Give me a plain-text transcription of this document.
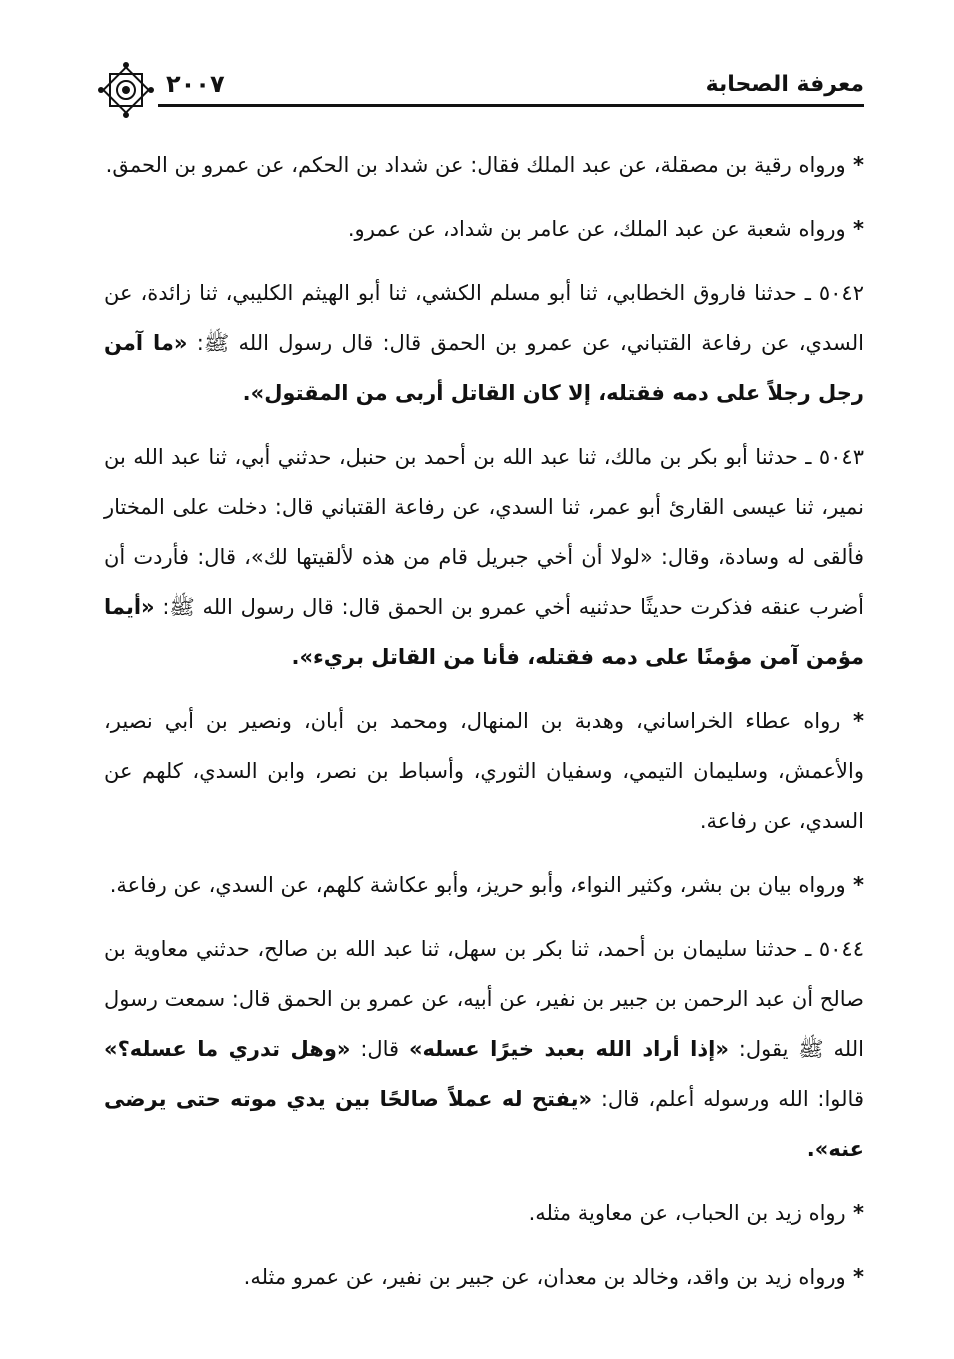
٢٠٠٧	معرفة الصحابة

* ورواه رقية بن مصقلة، عن عبد الملك فقال: عن شداد بن الحكم، عن عمرو بن الحمق.

* ورواه شعبة عن عبد الملك، عن عامر بن شداد، عن عمرو.

٥٠٤٢ ـ حدثنا فاروق الخطابي، ثنا أبو مسلم الكشي، ثنا أبو الهيثم الكليبي، ثنا زائدة، عن السدي، عن رفاعة القتباني، عن عمرو بن الحمق قال: قال رسول الله ﷺ: «ما آمن رجل رجلاً على دمه فقتله، إلا كان القاتل أربى من المقتول».

٥٠٤٣ ـ حدثنا أبو بكر بن مالك، ثنا عبد الله بن أحمد بن حنبل، حدثني أبي، ثنا عبد الله بن نمير، ثنا عيسى القارئ أبو عمر، ثنا السدي، عن رفاعة القتباني قال: دخلت على المختار فألقى له وسادة، وقال: «لولا أن أخي جبريل قام من هذه لألقيتها لك»، قال: فأردت أن أضرب عنقه فذكرت حديثًا حدثنيه أخي عمرو بن الحمق قال: قال رسول الله ﷺ: «أيما مؤمن آمن مؤمنًا على دمه فقتله، فأنا من القاتل بريء».

* رواه عطاء الخراساني، وهدبة بن المنهال، ومحمد بن أبان، ونصير بن أبي نصير، والأعمش، وسليمان التيمي، وسفيان الثوري، وأسباط بن نصر، وابن السدي، كلهم عن السدي، عن رفاعة.

* ورواه بيان بن بشر، وكثير النواء، وأبو حريز، وأبو عكاشة كلهم، عن السدي، عن رفاعة.

٥٠٤٤ ـ حدثنا سليمان بن أحمد، ثنا بكر بن سهل، ثنا عبد الله بن صالح، حدثني معاوية بن صالح أن عبد الرحمن بن جبير بن نفير، عن أبيه، عن عمرو بن الحمق قال: سمعت رسول الله ﷺ يقول: «إذا أراد الله بعبد خيرًا عسله» قال: «وهل تدري ما عسله؟» قالوا: الله ورسوله أعلم، قال: «يفتح له عملاً صالحًا بين يدي موته حتى يرضى عنه».

* رواه زيد بن الحباب، عن معاوية مثله.

* ورواه زيد بن واقد، وخالد بن معدان، عن جبير بن نفير، عن عمرو مثله.
